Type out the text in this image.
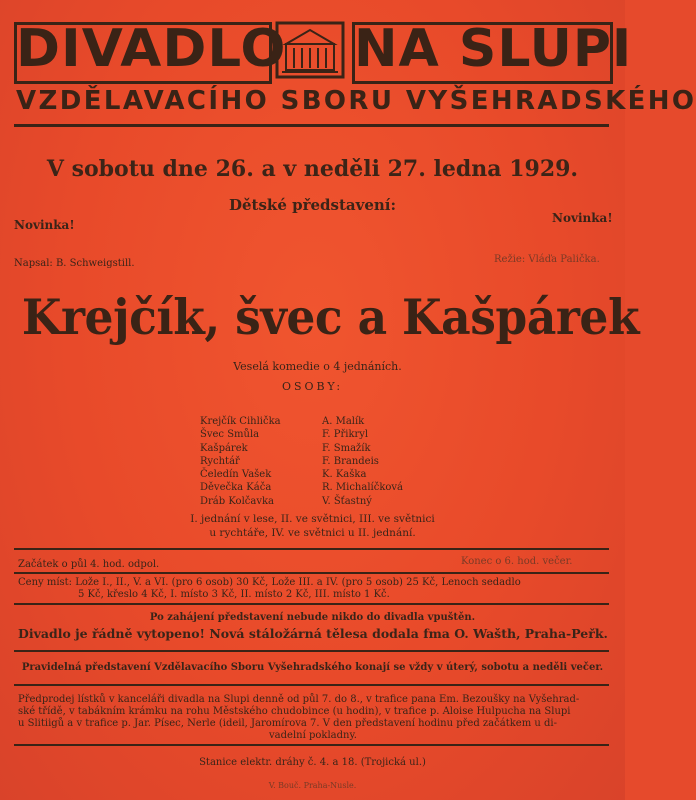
DIVADLO NA SLUPI
VZDĚLAVACÍHO SBORU VYŠEHRADSKÉHO
V sobotu dne 26. a v neděli 27. ledna 1929.
Dětské představení:
Novinka!	Novinka!
Napsal: B. Schweigstill.	Režie: Vláďa Palička.
Krejčík, švec a Kašpárek
Veselá komedie o 4 jednáních.
OSOBY:
Krejčík Cihlička	A. Malík
Švec Smůla	F. Přikryl
Kašpárek	F. Smažík
Rychtář	F. Brandeis
Čeledín Vašek	K. Kaška
Děvečka Káča	R. Michalíčková
Dráb Kolčavka	V. Šťastný
I. jednání v lese, II. ve světnici, III. ve světnici
u rychtáře, IV. ve světnici u II. jednání.
Začátek o půl 4. hod. odpol.	Konec o 6. hod. večer.
Ceny míst: Lože I., II., V. a VI. (pro 6 osob) 30 Kč, Lože III. a IV. (pro 5 osob) 25 Kč, Lenoch sedadlo
5 Kč, křeslo 4 Kč, I. místo 3 Kč, II. místo 2 Kč, III. místo 1 Kč.
Po zahájení představení nebude nikdo do divadla vpuštěn.
Divadlo je řádně vytopeno! Nová stáložárná tělesa dodala fma O. Wašth, Praha-Peřk.
Pravidelná představení Vzdělavacího Sboru Vyšehradského konají se vždy v úterý, sobotu a neděli večer.
Předprodej lístků v kanceláři divadla na Slupi denně od půl 7. do 8., v trafice pana Em. Bezoušky na Vyšehrad-
ské třídě, v tabákním krámku na rohu Městského chudobince (u hodin), v trafice p. Aloise Hulpucha na Slupi
u Slitiigů a v trafice p. Jar. Písec, Nerle (ideil, Jaromírova 7. V den představení hodinu před začátkem u di-
vadelní pokladny.
Stanice elektr. dráhy č. 4. a 18. (Trojická ul.)
V. Bouč. Praha-Nusle.
